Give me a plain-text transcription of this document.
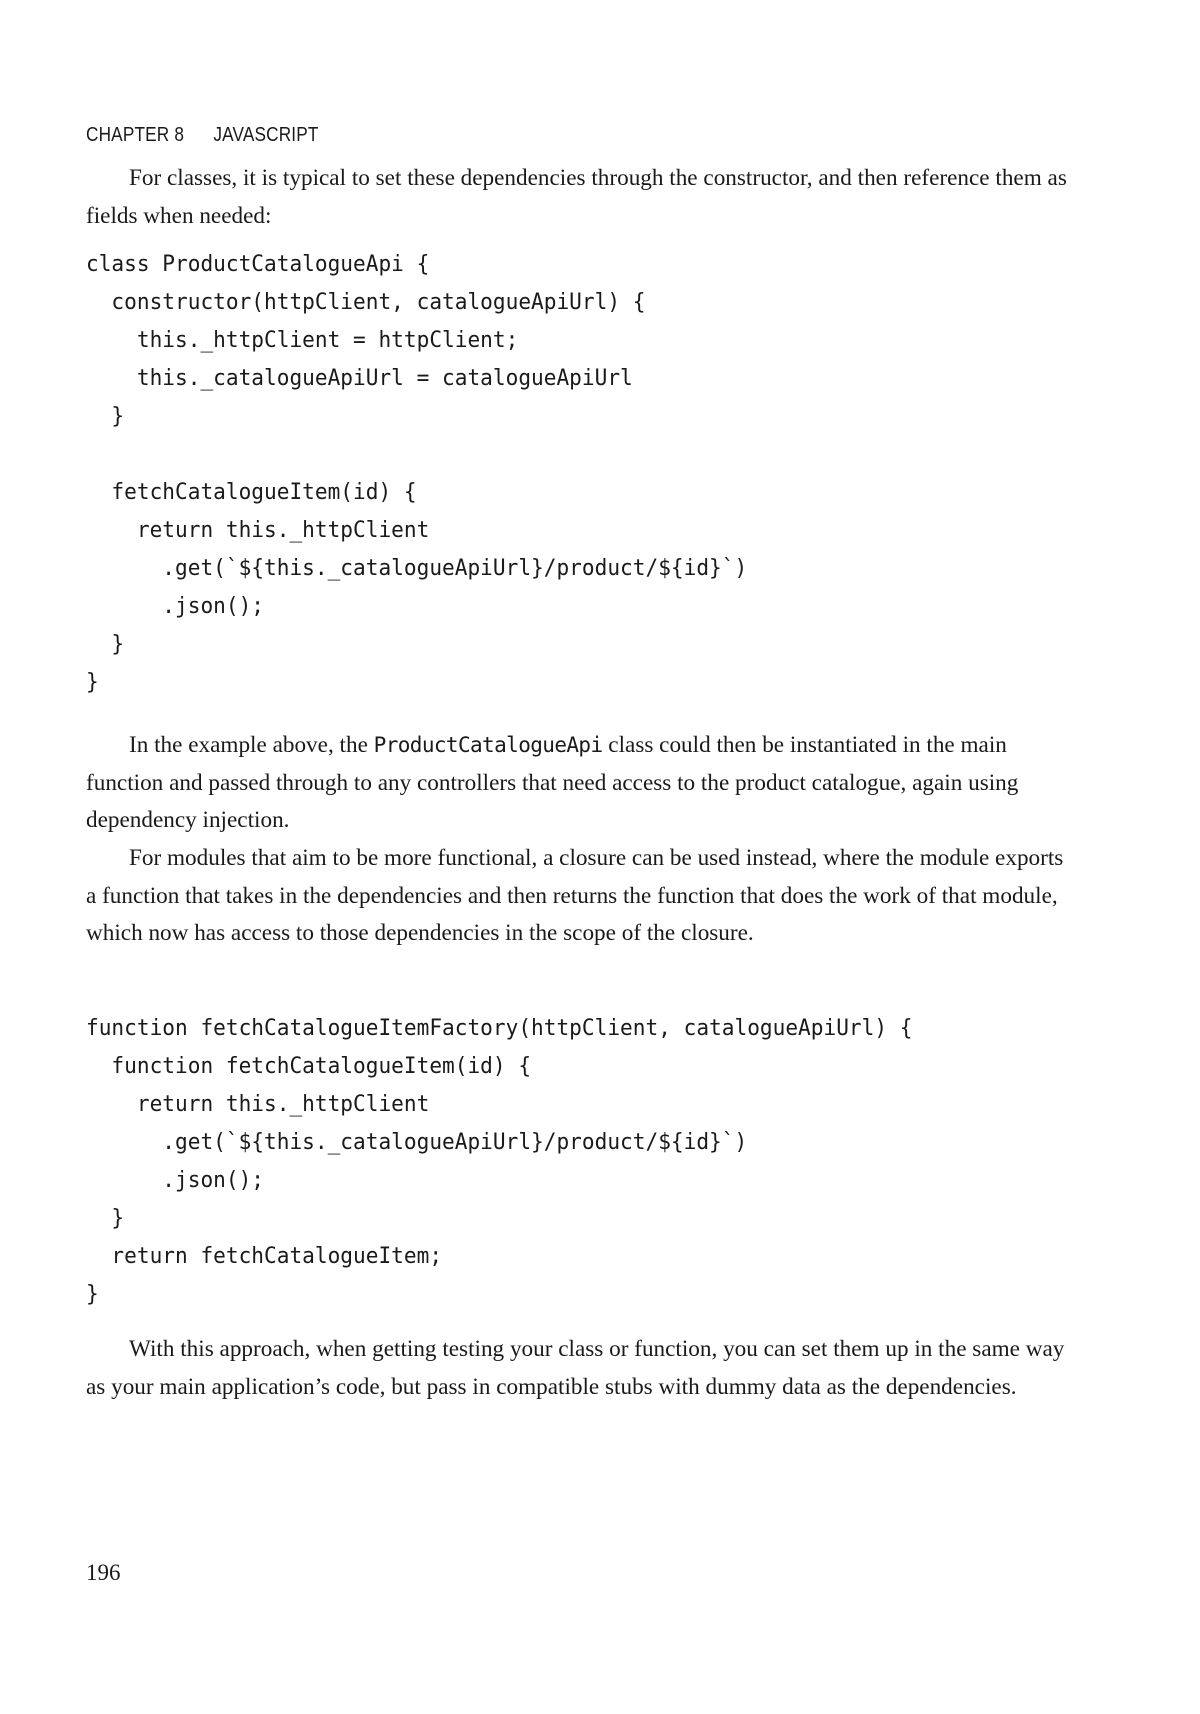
CHAPTER 8 JAVASCRIPT

For classes, it is typical to set these dependencies through the constructor, and then reference them as fields when needed:

class ProductCatalogueApi {
constructor(httpClient, catalogueApiUrl) {
this._httpClient = httpClient;
this._catalogueApiUrl = catalogueApiUrl
}

fetchCatalogueItem(id) {
return this._httpClient
.get(`${this._catalogueApiUrl}/product/${id}`)
.json();
}
}

In the example above, the ProductCatalogueApi class could then be instantiated in the main function and passed through to any controllers that need access to the product catalogue, again using dependency injection.

For modules that aim to be more functional, a closure can be used instead, where the module exports a function that takes in the dependencies and then returns the function that does the work of that module, which now has access to those dependencies in the scope of the closure.

function fetchCatalogueItemFactory(httpClient, catalogueApiUrl) {
function fetchCatalogueItem(id) {
return this._httpClient
.get(`${this._catalogueApiUrl}/product/${id}`)
.json();
}
return fetchCatalogueItem;
}

With this approach, when getting testing your class or function, you can set them up in the same way as your main application’s code, but pass in compatible stubs with dummy data as the dependencies.

196
